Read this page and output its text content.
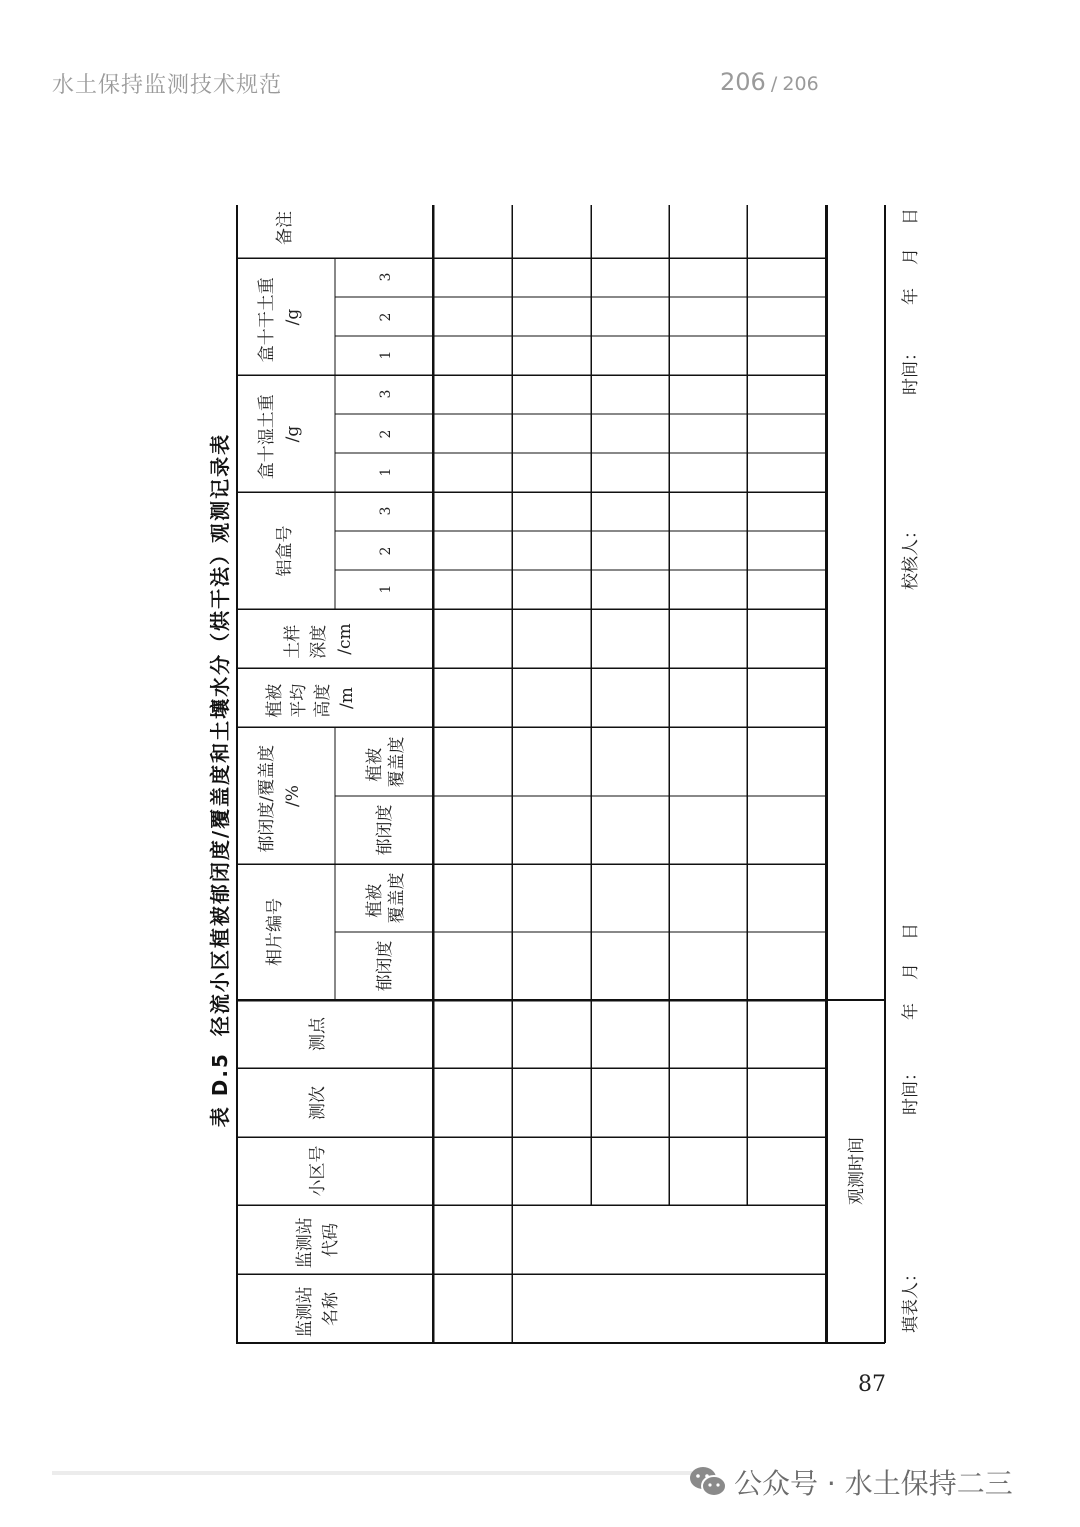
水土保持监测技术规范	206 / 206
表 D.5径流小区植被郁闭度/覆盖度和土壤水分（烘干法）观测记录表
监测站 名称
监测站 代码
小区号
测次
测点
相片编号	郁闭度
植被 覆盖度
郁闭度/覆盖度 /%
郁闭度
植被 覆盖度
植被 平均 高度 /m
土样 深度 /cm
铝盒号
1
2
3
盒十湿土重 /g
1
2
3
盒十干土重 /g
1
2
3
备注
观测时间
填表人：
时间：
年
月
日
校核人：
时间：
年
月
日
87
公众号 · 水土保持二三
